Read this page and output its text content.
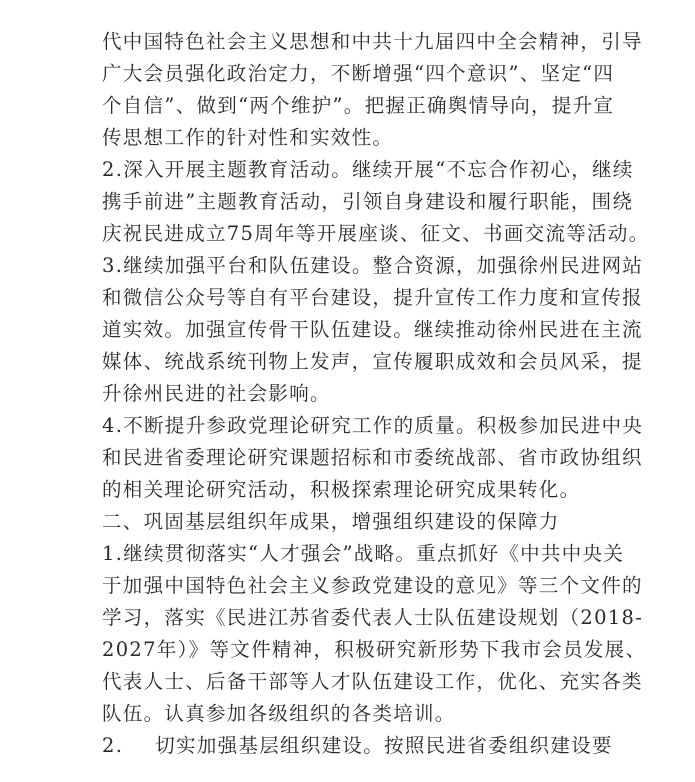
代中国特色社会主义思想和中共十九届四中全会精神，引导
广大会员强化政治定力，不断增强“四个意识”、坚定“四
个自信”、做到“两个维护”。把握正确舆情导向，提升宣
传思想工作的针对性和实效性。
2.深入开展主题教育活动。继续开展“不忘合作初心，继续
携手前进”主题教育活动，引领自身建设和履行职能，围绕
庆祝民进成立75周年等开展座谈、征文、书画交流等活动。
3.继续加强平台和队伍建设。整合资源，加强徐州民进网站
和微信公众号等自有平台建设，提升宣传工作力度和宣传报
道实效。加强宣传骨干队伍建设。继续推动徐州民进在主流
媒体、统战系统刊物上发声，宣传履职成效和会员风采，提
升徐州民进的社会影响。
4.不断提升参政党理论研究工作的质量。积极参加民进中央
和民进省委理论研究课题招标和市委统战部、省市政协组织
的相关理论研究活动，积极探索理论研究成果转化。
二、巩固基层组织年成果，增强组织建设的保障力
1.继续贯彻落实“人才强会”战略。重点抓好《中共中央关
于加强中国特色社会主义参政党建设的意见》等三个文件的
学习，落实《民进江苏省委代表人士队伍建设规划（2018-
2027年）》等文件精神，积极研究新形势下我市会员发展、
代表人士、后备干部等人才队伍建设工作，优化、充实各类
队伍。认真参加各级组织的各类培训。
2. 切实加强基层组织建设。按照民进省委组织建设要
